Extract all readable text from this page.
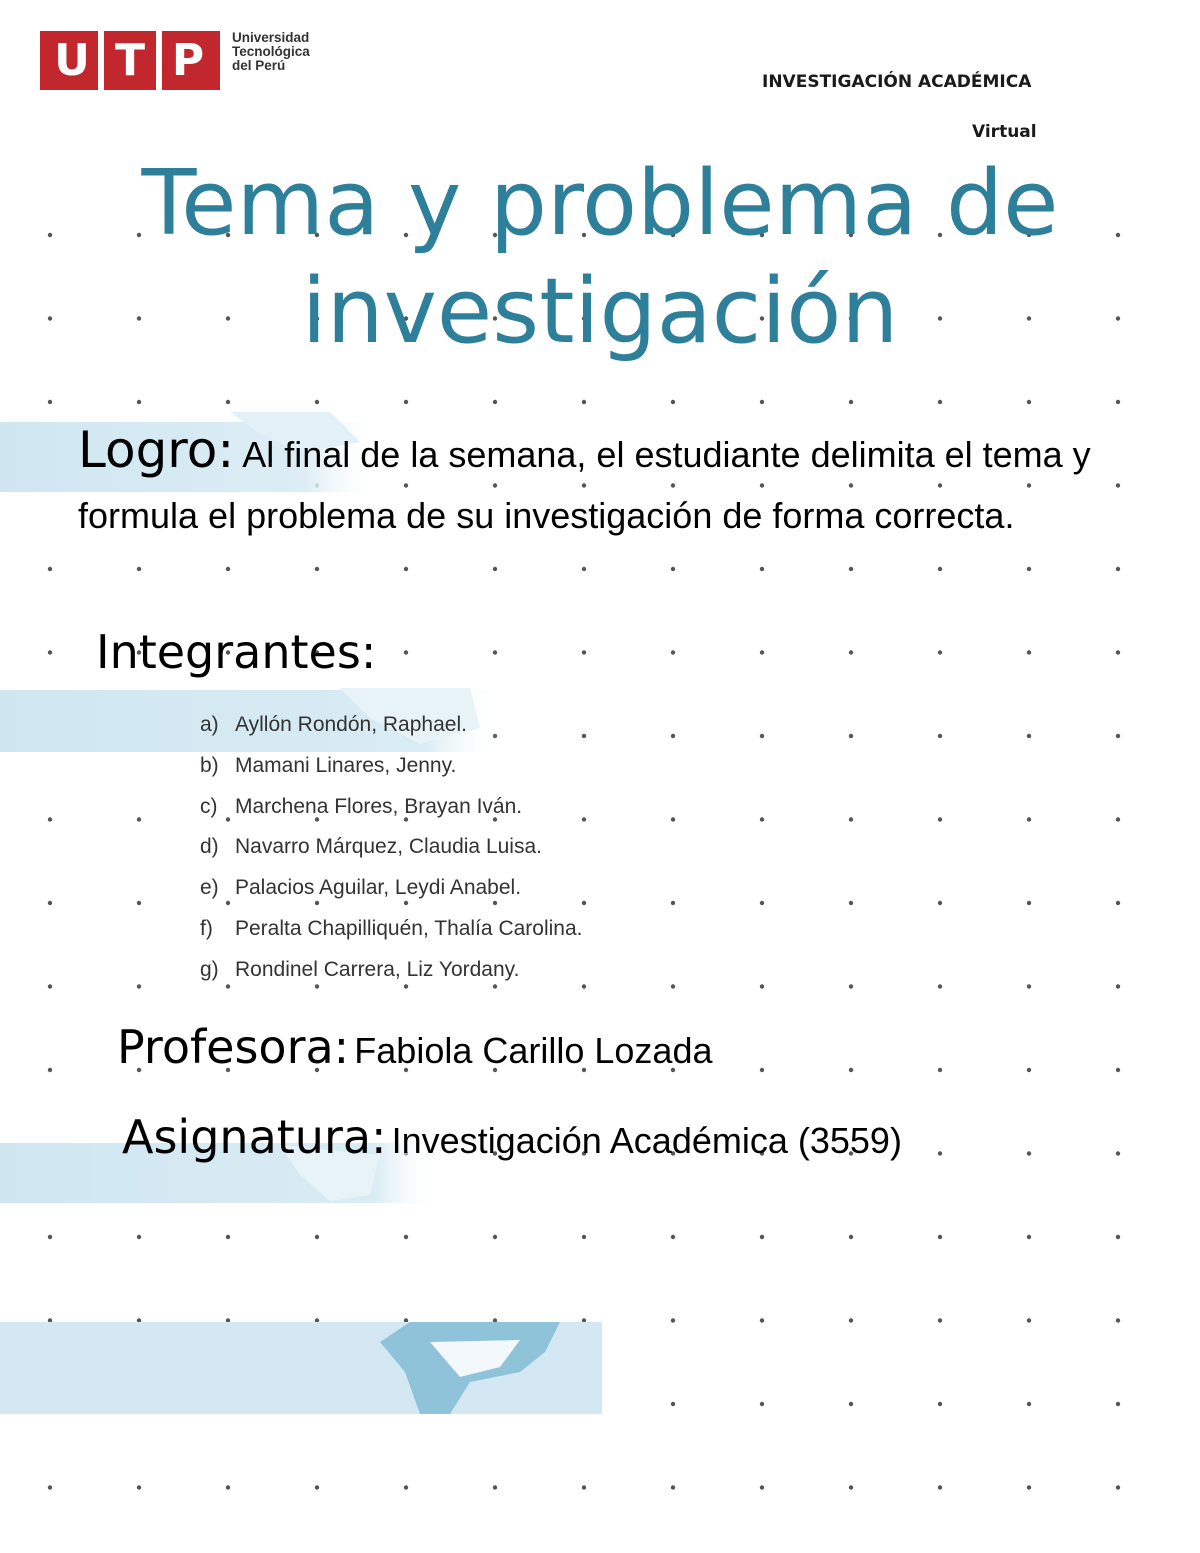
U T P	Universidad
Tecnológica
del Perú
INVESTIGACIÓN ACADÉMICA
Virtual
Tema y problema de
investigación
Logro: Al final de la semana, el estudiante delimita el tema y formula el problema de su investigación de forma correcta.
Integrantes:
a) Ayllón Rondón, Raphael.
b) Mamani Linares, Jenny.
c) Marchena Flores, Brayan Iván.
d) Navarro Márquez, Claudia Luisa.
e) Palacios Aguilar, Leydi Anabel.
f)	Peralta Chapilliquén, Thalía Carolina.
g) Rondinel Carrera, Liz Yordany.
Profesora: Fabiola Carillo Lozada
Asignatura: Investigación Académica (3559)
